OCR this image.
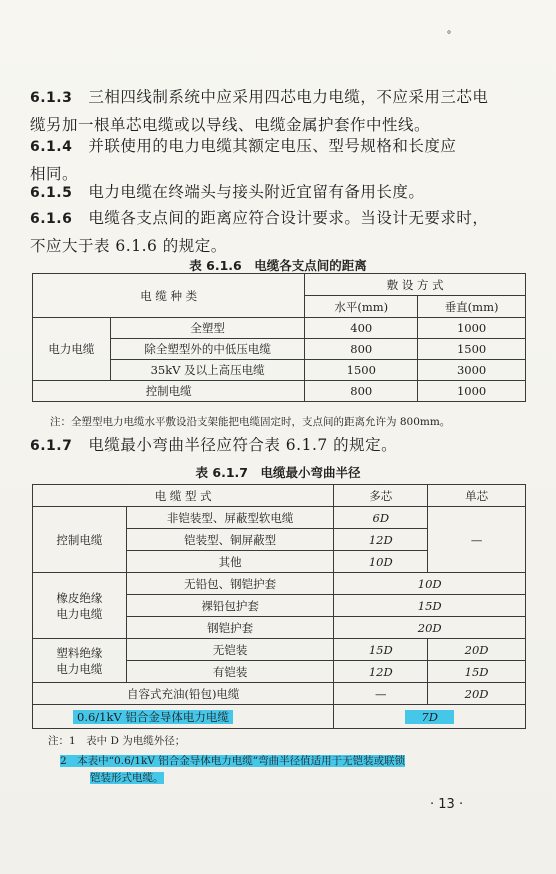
˚
6.1.3 三相四线制系统中应采用四芯电力电缆，不应采用三芯电
缆另加一根单芯电缆或以导线、电缆金属护套作中性线。
6.1.4 并联使用的电力电缆其额定电压、型号规格和长度应
相同。
6.1.5 电力电缆在终端头与接头附近宜留有备用长度。
6.1.6 电缆各支点间的距离应符合设计要求。当设计无要求时，
不应大于表 6.1.6 的规定。
表 6.1.6　电缆各支点间的距离
电 缆 种 类		敷 设 方 式	
		水平(mm)	垂直(mm)
电力电缆	全塑型	400	1000
	除全塑型外的中低压电缆	800	1500
	35kV 及以上高压电缆	1500	3000
控制电缆		800	1000
注：全塑型电力电缆水平敷设沿支架能把电缆固定时，支点间的距离允许为 800mm。
6.1.7 电缆最小弯曲半径应符合表 6.1.7 的规定。
表 6.1.7　电缆最小弯曲半径
电 缆 型 式		多芯	单芯
控制电缆	非铠装型、屏蔽型软电缆	6D	—
	铠装型、铜屏蔽型	12D	
	其他	10D	
橡皮绝缘
电力电缆	无铅包、钢铠护套	10D	
	裸铅包护套	15D	
	钢铠护套	20D	
塑料绝缘
电力电缆	无铠装	15D	20D
	有铠装	12D	15D
自容式充油(铅包)电缆		—	20D
0.6/1kV 铝合金导体电力电缆		7D	
注：1　表中 D 为电缆外径；
2　本表中“0.6/1kV 铝合金导体电力电缆”弯曲半径值适用于无铠装或联锁
铠装形式电缆。
· 13 ·
